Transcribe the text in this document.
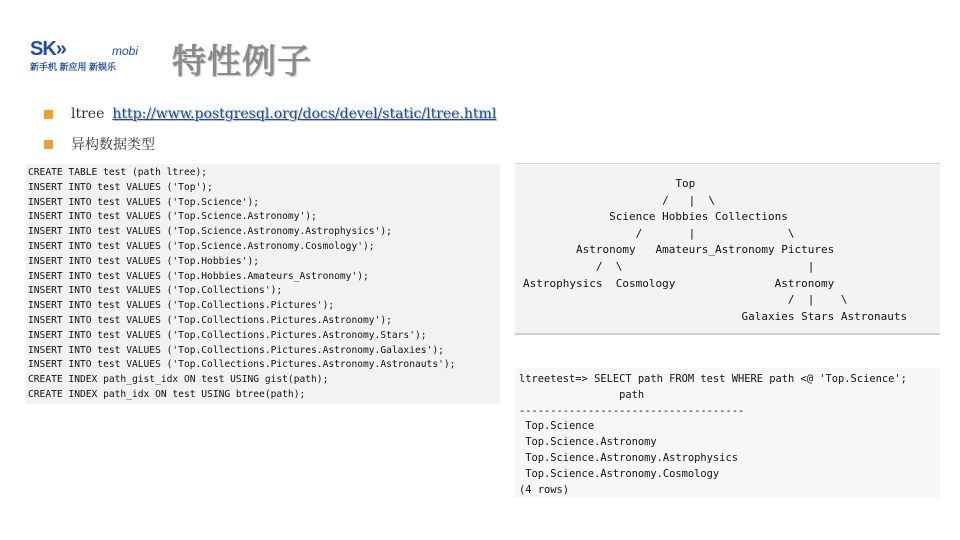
SK»	mobi
新手机 新应用 新娱乐 特性例子
ltree http://www.postgresql.org/docs/devel/static/ltree.html
异构数据类型
CREATE TABLE test (path ltree);
INSERT INTO test VALUES ('Top');
INSERT INTO test VALUES ('Top.Science');
INSERT INTO test VALUES ('Top.Science.Astronomy');
INSERT INTO test VALUES ('Top.Science.Astronomy.Astrophysics');
INSERT INTO test VALUES ('Top.Science.Astronomy.Cosmology');
INSERT INTO test VALUES ('Top.Hobbies');
INSERT INTO test VALUES ('Top.Hobbies.Amateurs_Astronomy');
INSERT INTO test VALUES ('Top.Collections');
INSERT INTO test VALUES ('Top.Collections.Pictures');
INSERT INTO test VALUES ('Top.Collections.Pictures.Astronomy');
INSERT INTO test VALUES ('Top.Collections.Pictures.Astronomy.Stars');
INSERT INTO test VALUES ('Top.Collections.Pictures.Astronomy.Galaxies');
INSERT INTO test VALUES ('Top.Collections.Pictures.Astronomy.Astronauts');
CREATE INDEX path_gist_idx ON test USING gist(path);
CREATE INDEX path_idx ON test USING btree(path);

Top
/   |  \
Science Hobbies Collections
/       |              \
Astronomy   Amateurs_Astronomy Pictures
/  \                            |
Astrophysics  Cosmology               Astronomy
/  |    \
Galaxies Stars Astronauts

ltreetest=> SELECT path FROM test WHERE path <@ 'Top.Science';
path
------------------------------------
Top.Science
Top.Science.Astronomy
Top.Science.Astronomy.Astrophysics
Top.Science.Astronomy.Cosmology
(4 rows)
